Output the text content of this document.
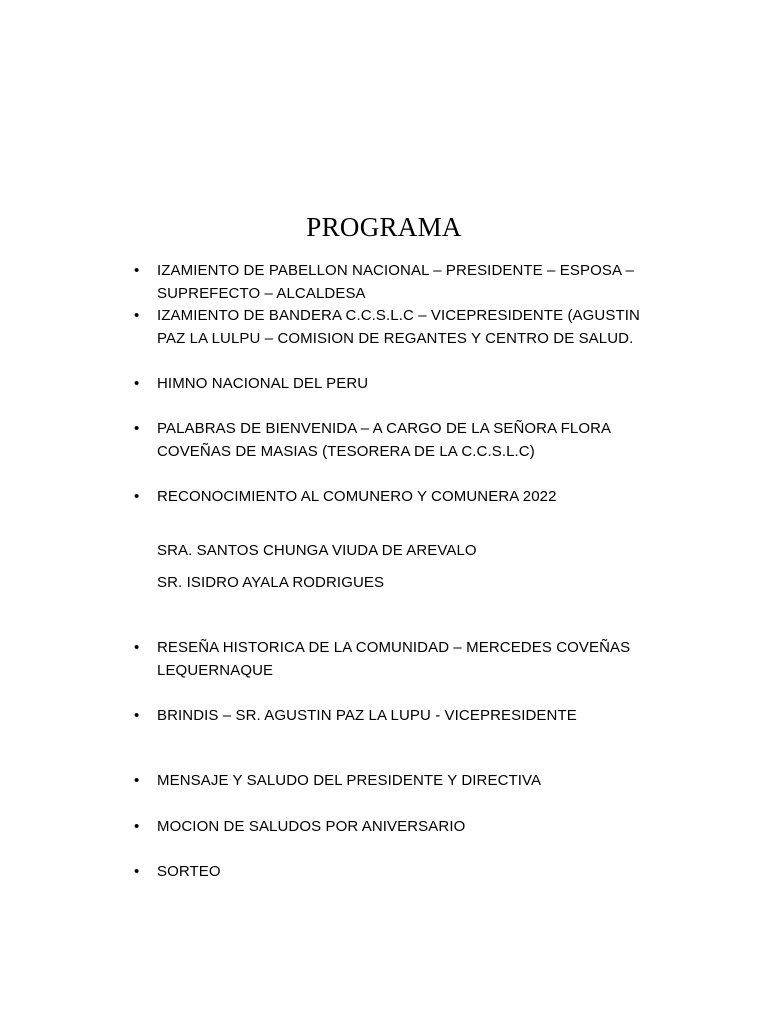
PROGRAMA
• IZAMIENTO DE PABELLON NACIONAL – PRESIDENTE – ESPOSA – SUPREFECTO – ALCALDESA
• IZAMIENTO DE BANDERA C.C.S.L.C – VICEPRESIDENTE (AGUSTIN PAZ LA LULPU – COMISION DE REGANTES Y CENTRO DE SALUD.
• HIMNO NACIONAL DEL PERU
• PALABRAS DE BIENVENIDA – A CARGO DE LA SEÑORA FLORA COVEÑAS DE MASIAS (TESORERA DE LA C.C.S.L.C)
• RECONOCIMIENTO AL COMUNERO Y COMUNERA 2022
SRA. SANTOS CHUNGA VIUDA DE AREVALO
SR. ISIDRO AYALA RODRIGUES
• RESEÑA HISTORICA DE LA COMUNIDAD – MERCEDES COVEÑAS LEQUERNAQUE
• BRINDIS – SR. AGUSTIN PAZ LA LUPU - VICEPRESIDENTE
• MENSAJE Y SALUDO DEL PRESIDENTE Y DIRECTIVA
• MOCION DE SALUDOS POR ANIVERSARIO
• SORTEO
